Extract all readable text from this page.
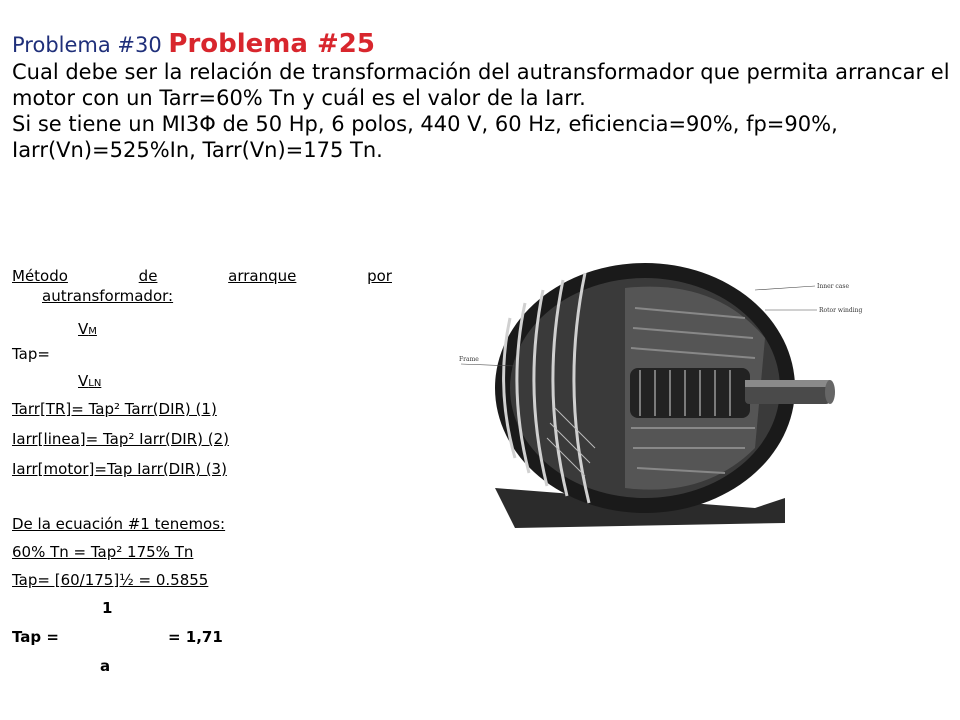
Problema #30 Problema #25
Cual debe ser la relación de transformación del autransformador que permita arrancar el motor con un Tarr=60% Tn y cuál es el valor de la Iarr.
Si se tiene un MI3Φ de 50 Hp, 6 polos, 440 V, 60 Hz, eficiencia=90%, fp=90%, Iarr(Vn)=525%In, Tarr(Vn)=175 Tn.
Método	de	arranque	por
autransformador:
VM
Tap=
VLN
Tarr[TR]= Tap² Tarr(DIR) (1)
Iarr[linea]= Tap² Iarr(DIR) (2)
Iarr[motor]=Tap Iarr(DIR) (3)
De la ecuación #1 tenemos:
60% Tn = Tap² 175% Tn
Tap= [60/175]½ = 0.5855
1
Tap =	= 1,71
a
Inner case
Rotor winding
Frame
